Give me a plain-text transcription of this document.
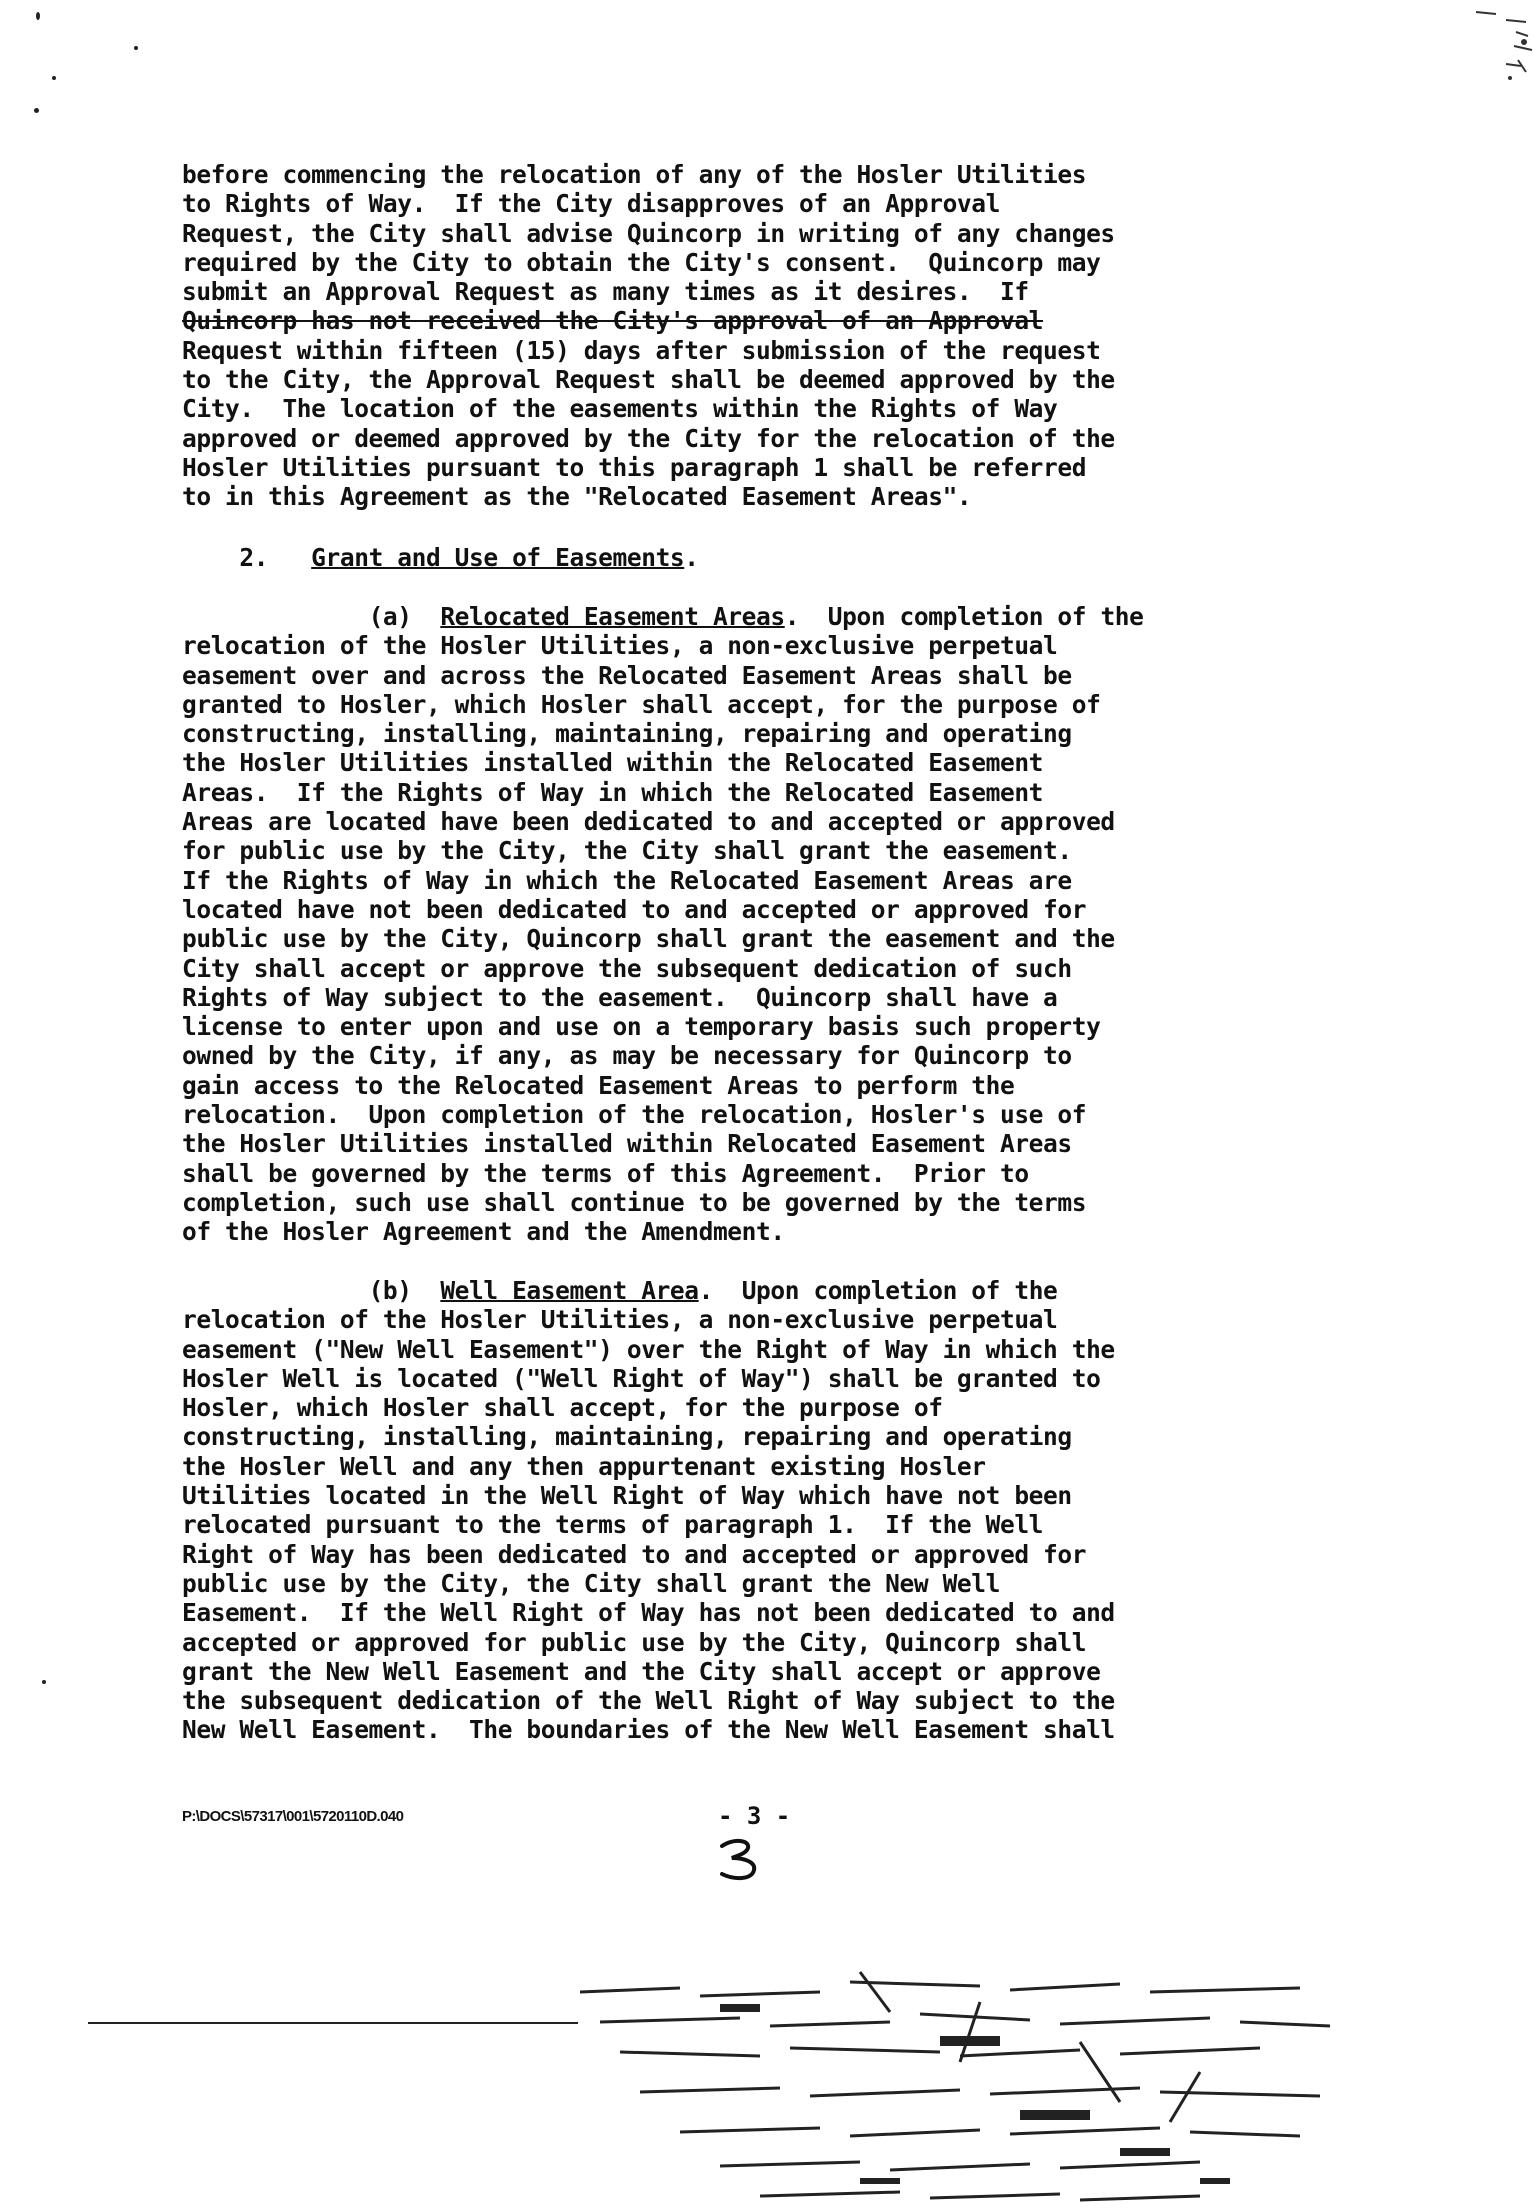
before commencing the relocation of any of the Hosler Utilities
to Rights of Way.  If the City disapproves of an Approval
Request, the City shall advise Quincorp in writing of any changes
required by the City to obtain the City's consent.  Quincorp may
submit an Approval Request as many times as it desires.  If
Quincorp has not received the City's approval of an Approval
Request within fifteen (15) days after submission of the request
to the City, the Approval Request shall be deemed approved by the
City.  The location of the easements within the Rights of Way
approved or deemed approved by the City for the relocation of the
Hosler Utilities pursuant to this paragraph 1 shall be referred
to in this Agreement as the "Relocated Easement Areas".
2. Grant and Use of Easements.
(a) Relocated Easement Areas.  Upon completion of the
relocation of the Hosler Utilities, a non-exclusive perpetual
easement over and across the Relocated Easement Areas shall be
granted to Hosler, which Hosler shall accept, for the purpose of
constructing, installing, maintaining, repairing and operating
the Hosler Utilities installed within the Relocated Easement
Areas.  If the Rights of Way in which the Relocated Easement
Areas are located have been dedicated to and accepted or approved
for public use by the City, the City shall grant the easement.
If the Rights of Way in which the Relocated Easement Areas are
located have not been dedicated to and accepted or approved for
public use by the City, Quincorp shall grant the easement and the
City shall accept or approve the subsequent dedication of such
Rights of Way subject to the easement.  Quincorp shall have a
license to enter upon and use on a temporary basis such property
owned by the City, if any, as may be necessary for Quincorp to
gain access to the Relocated Easement Areas to perform the
relocation.  Upon completion of the relocation, Hosler's use of
the Hosler Utilities installed within Relocated Easement Areas
shall be governed by the terms of this Agreement.  Prior to
completion, such use shall continue to be governed by the terms
of the Hosler Agreement and the Amendment.
(b) Well Easement Area.  Upon completion of the
relocation of the Hosler Utilities, a non-exclusive perpetual
easement ("New Well Easement") over the Right of Way in which the
Hosler Well is located ("Well Right of Way") shall be granted to
Hosler, which Hosler shall accept, for the purpose of
constructing, installing, maintaining, repairing and operating
the Hosler Well and any then appurtenant existing Hosler
Utilities located in the Well Right of Way which have not been
relocated pursuant to the terms of paragraph 1.  If the Well
Right of Way has been dedicated to and accepted or approved for
public use by the City, the City shall grant the New Well
Easement.  If the Well Right of Way has not been dedicated to and
accepted or approved for public use by the City, Quincorp shall
grant the New Well Easement and the City shall accept or approve
the subsequent dedication of the Well Right of Way subject to the
New Well Easement.  The boundaries of the New Well Easement shall
P:\DOCS\57317\001\5720110D.040	- 3 -
